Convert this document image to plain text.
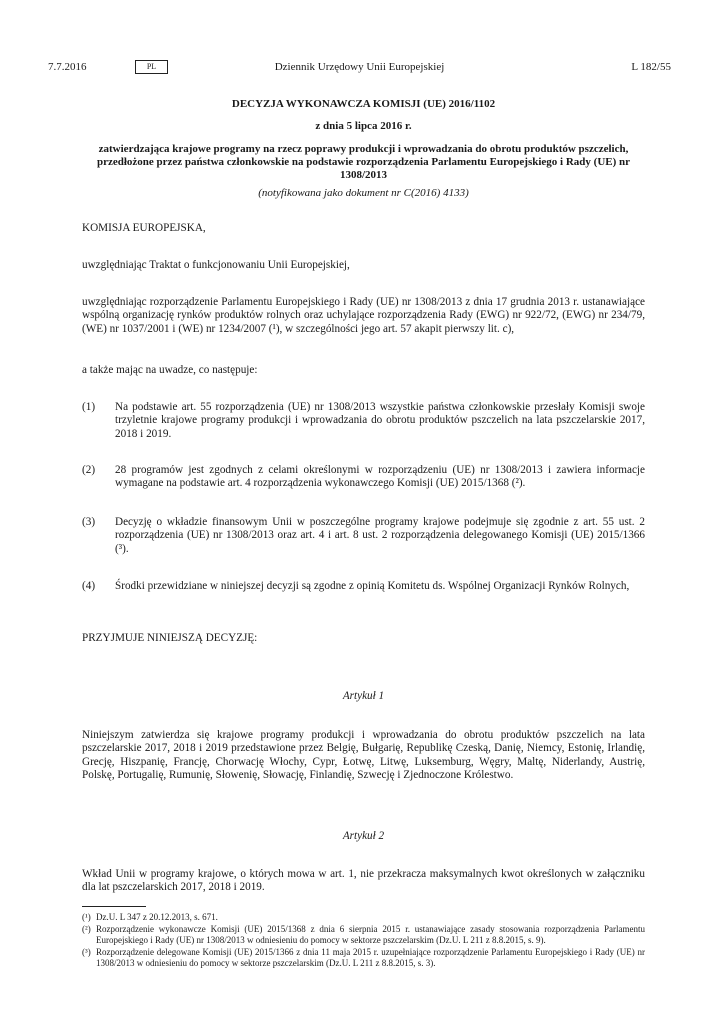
7.7.2016	PL	Dziennik Urzędowy Unii Europejskiej	L 182/55
DECYZJA WYKONAWCZA KOMISJI (UE) 2016/1102
z dnia 5 lipca 2016 r.
zatwierdzająca krajowe programy na rzecz poprawy produkcji i wprowadzania do obrotu produktów pszczelich, przedłożone przez państwa członkowskie na podstawie rozporządzenia Parlamentu Europejskiego i Rady (UE) nr 1308/2013
(notyfikowana jako dokument nr C(2016) 4133)
KOMISJA EUROPEJSKA,
uwzględniając Traktat o funkcjonowaniu Unii Europejskiej,
uwzględniając rozporządzenie Parlamentu Europejskiego i Rady (UE) nr 1308/2013 z dnia 17 grudnia 2013 r. ustanawiające wspólną organizację rynków produktów rolnych oraz uchylające rozporządzenia Rady (EWG) nr 922/72, (EWG) nr 234/79, (WE) nr 1037/2001 i (WE) nr 1234/2007 (¹), w szczególności jego art. 57 akapit pierwszy lit. c),
a także mając na uwadze, co następuje:
(1) Na podstawie art. 55 rozporządzenia (UE) nr 1308/2013 wszystkie państwa członkowskie przesłały Komisji swoje trzyletnie krajowe programy produkcji i wprowadzania do obrotu produktów pszczelich na lata pszczelarskie 2017, 2018 i 2019.
(2) 28 programów jest zgodnych z celami określonymi w rozporządzeniu (UE) nr 1308/2013 i zawiera informacje wymagane na podstawie art. 4 rozporządzenia wykonawczego Komisji (UE) 2015/1368 (²).
(3) Decyzję o wkładzie finansowym Unii w poszczególne programy krajowe podejmuje się zgodnie z art. 55 ust. 2 rozporządzenia (UE) nr 1308/2013 oraz art. 4 i art. 8 ust. 2 rozporządzenia delegowanego Komisji (UE) 2015/1366 (³).
(4) Środki przewidziane w niniejszej decyzji są zgodne z opinią Komitetu ds. Wspólnej Organizacji Rynków Rolnych,
PRZYJMUJE NINIEJSZĄ DECYZJĘ:
Artykuł 1
Niniejszym zatwierdza się krajowe programy produkcji i wprowadzania do obrotu produktów pszczelich na lata pszczelarskie 2017, 2018 i 2019 przedstawione przez Belgię, Bułgarię, Republikę Czeską, Danię, Niemcy, Estonię, Irlandię, Grecję, Hiszpanię, Francję, Chorwację Włochy, Cypr, Łotwę, Litwę, Luksemburg, Węgry, Maltę, Niderlandy, Austrię, Polskę, Portugalię, Rumunię, Słowenię, Słowację, Finlandię, Szwecję i Zjednoczone Królestwo.
Artykuł 2
Wkład Unii w programy krajowe, o których mowa w art. 1, nie przekracza maksymalnych kwot określonych w załączniku dla lat pszczelarskich 2017, 2018 i 2019.
(¹) Dz.U. L 347 z 20.12.2013, s. 671.
(²) Rozporządzenie wykonawcze Komisji (UE) 2015/1368 z dnia 6 sierpnia 2015 r. ustanawiające zasady stosowania rozporządzenia Parlamentu Europejskiego i Rady (UE) nr 1308/2013 w odniesieniu do pomocy w sektorze pszczelarskim (Dz.U. L 211 z 8.8.2015, s. 9).
(³) Rozporządzenie delegowane Komisji (UE) 2015/1366 z dnia 11 maja 2015 r. uzupełniające rozporządzenie Parlamentu Europejskiego i Rady (UE) nr 1308/2013 w odniesieniu do pomocy w sektorze pszczelarskim (Dz.U. L 211 z 8.8.2015, s. 3).
